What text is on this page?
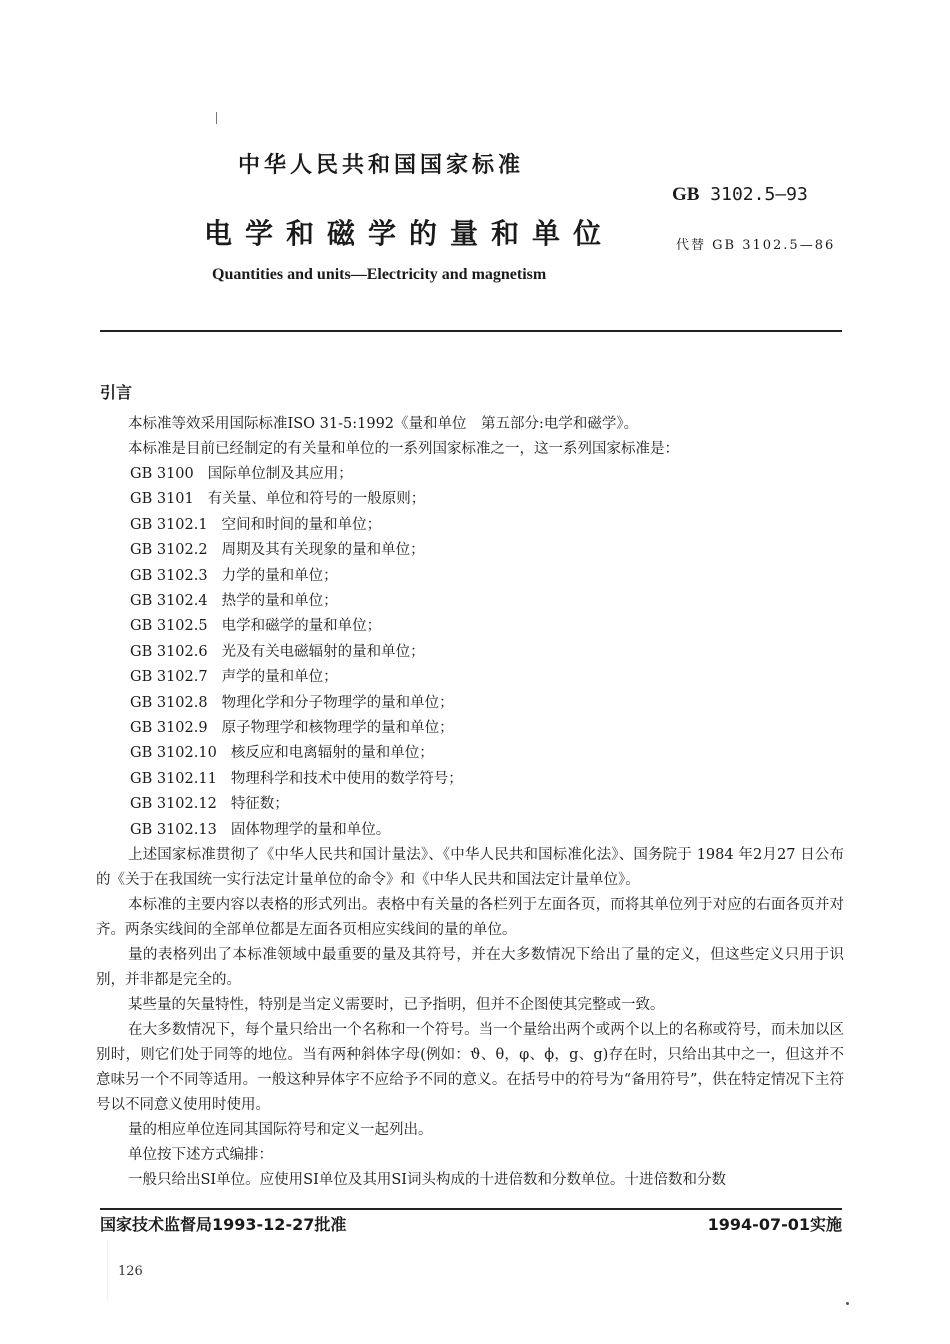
中华人民共和国国家标准
GB 3102.5—93
电学和磁学的量和单位	代替 GB 3102.5—86
Quantities and units—Electricity and magnetism
引言

本标准等效采用国际标准ISO 31-5:1992《量和单位　第五部分:电学和磁学》。

本标准是目前已经制定的有关量和单位的一系列国家标准之一，这一系列国家标准是：

GB 3100 国际单位制及其应用；
GB 3101 有关量、单位和符号的一般原则；
GB 3102.1 空间和时间的量和单位；
GB 3102.2 周期及其有关现象的量和单位；
GB 3102.3 力学的量和单位；
GB 3102.4 热学的量和单位；
GB 3102.5 电学和磁学的量和单位；
GB 3102.6 光及有关电磁辐射的量和单位；
GB 3102.7 声学的量和单位；
GB 3102.8 物理化学和分子物理学的量和单位；
GB 3102.9 原子物理学和核物理学的量和单位；
GB 3102.10 核反应和电离辐射的量和单位；
GB 3102.11 物理科学和技术中使用的数学符号；
GB 3102.12 特征数；
GB 3102.13 固体物理学的量和单位。

上述国家标准贯彻了《中华人民共和国计量法》、《中华人民共和国标准化法》、国务院于 1984 年2月27 日公布的《关于在我国统一实行法定计量单位的命令》和《中华人民共和国法定计量单位》。

本标准的主要内容以表格的形式列出。表格中有关量的各栏列于左面各页，而将其单位列于对应的右面各页并对齐。两条实线间的全部单位都是左面各页相应实线间的量的单位。

量的表格列出了本标准领域中最重要的量及其符号，并在大多数情况下给出了量的定义，但这些定义只用于识别，并非都是完全的。

某些量的矢量特性，特别是当定义需要时，已予指明，但并不企图使其完整或一致。

在大多数情况下，每个量只给出一个名称和一个符号。当一个量给出两个或两个以上的名称或符号，而未加以区别时，则它们处于同等的地位。当有两种斜体字母(例如：ϑ、θ，φ、ϕ，g、g)存在时，只给出其中之一，但这并不意味另一个不同等适用。一般这种异体字不应给予不同的意义。在括号中的符号为“备用符号”，供在特定情况下主符号以不同意义使用时使用。

量的相应单位连同其国际符号和定义一起列出。

单位按下述方式编排：

一般只给出SI单位。应使用SI单位及其用SI词头构成的十进倍数和分数单位。十进倍数和分数

国家技术监督局1993-12-27批准	1994-07-01实施
126
